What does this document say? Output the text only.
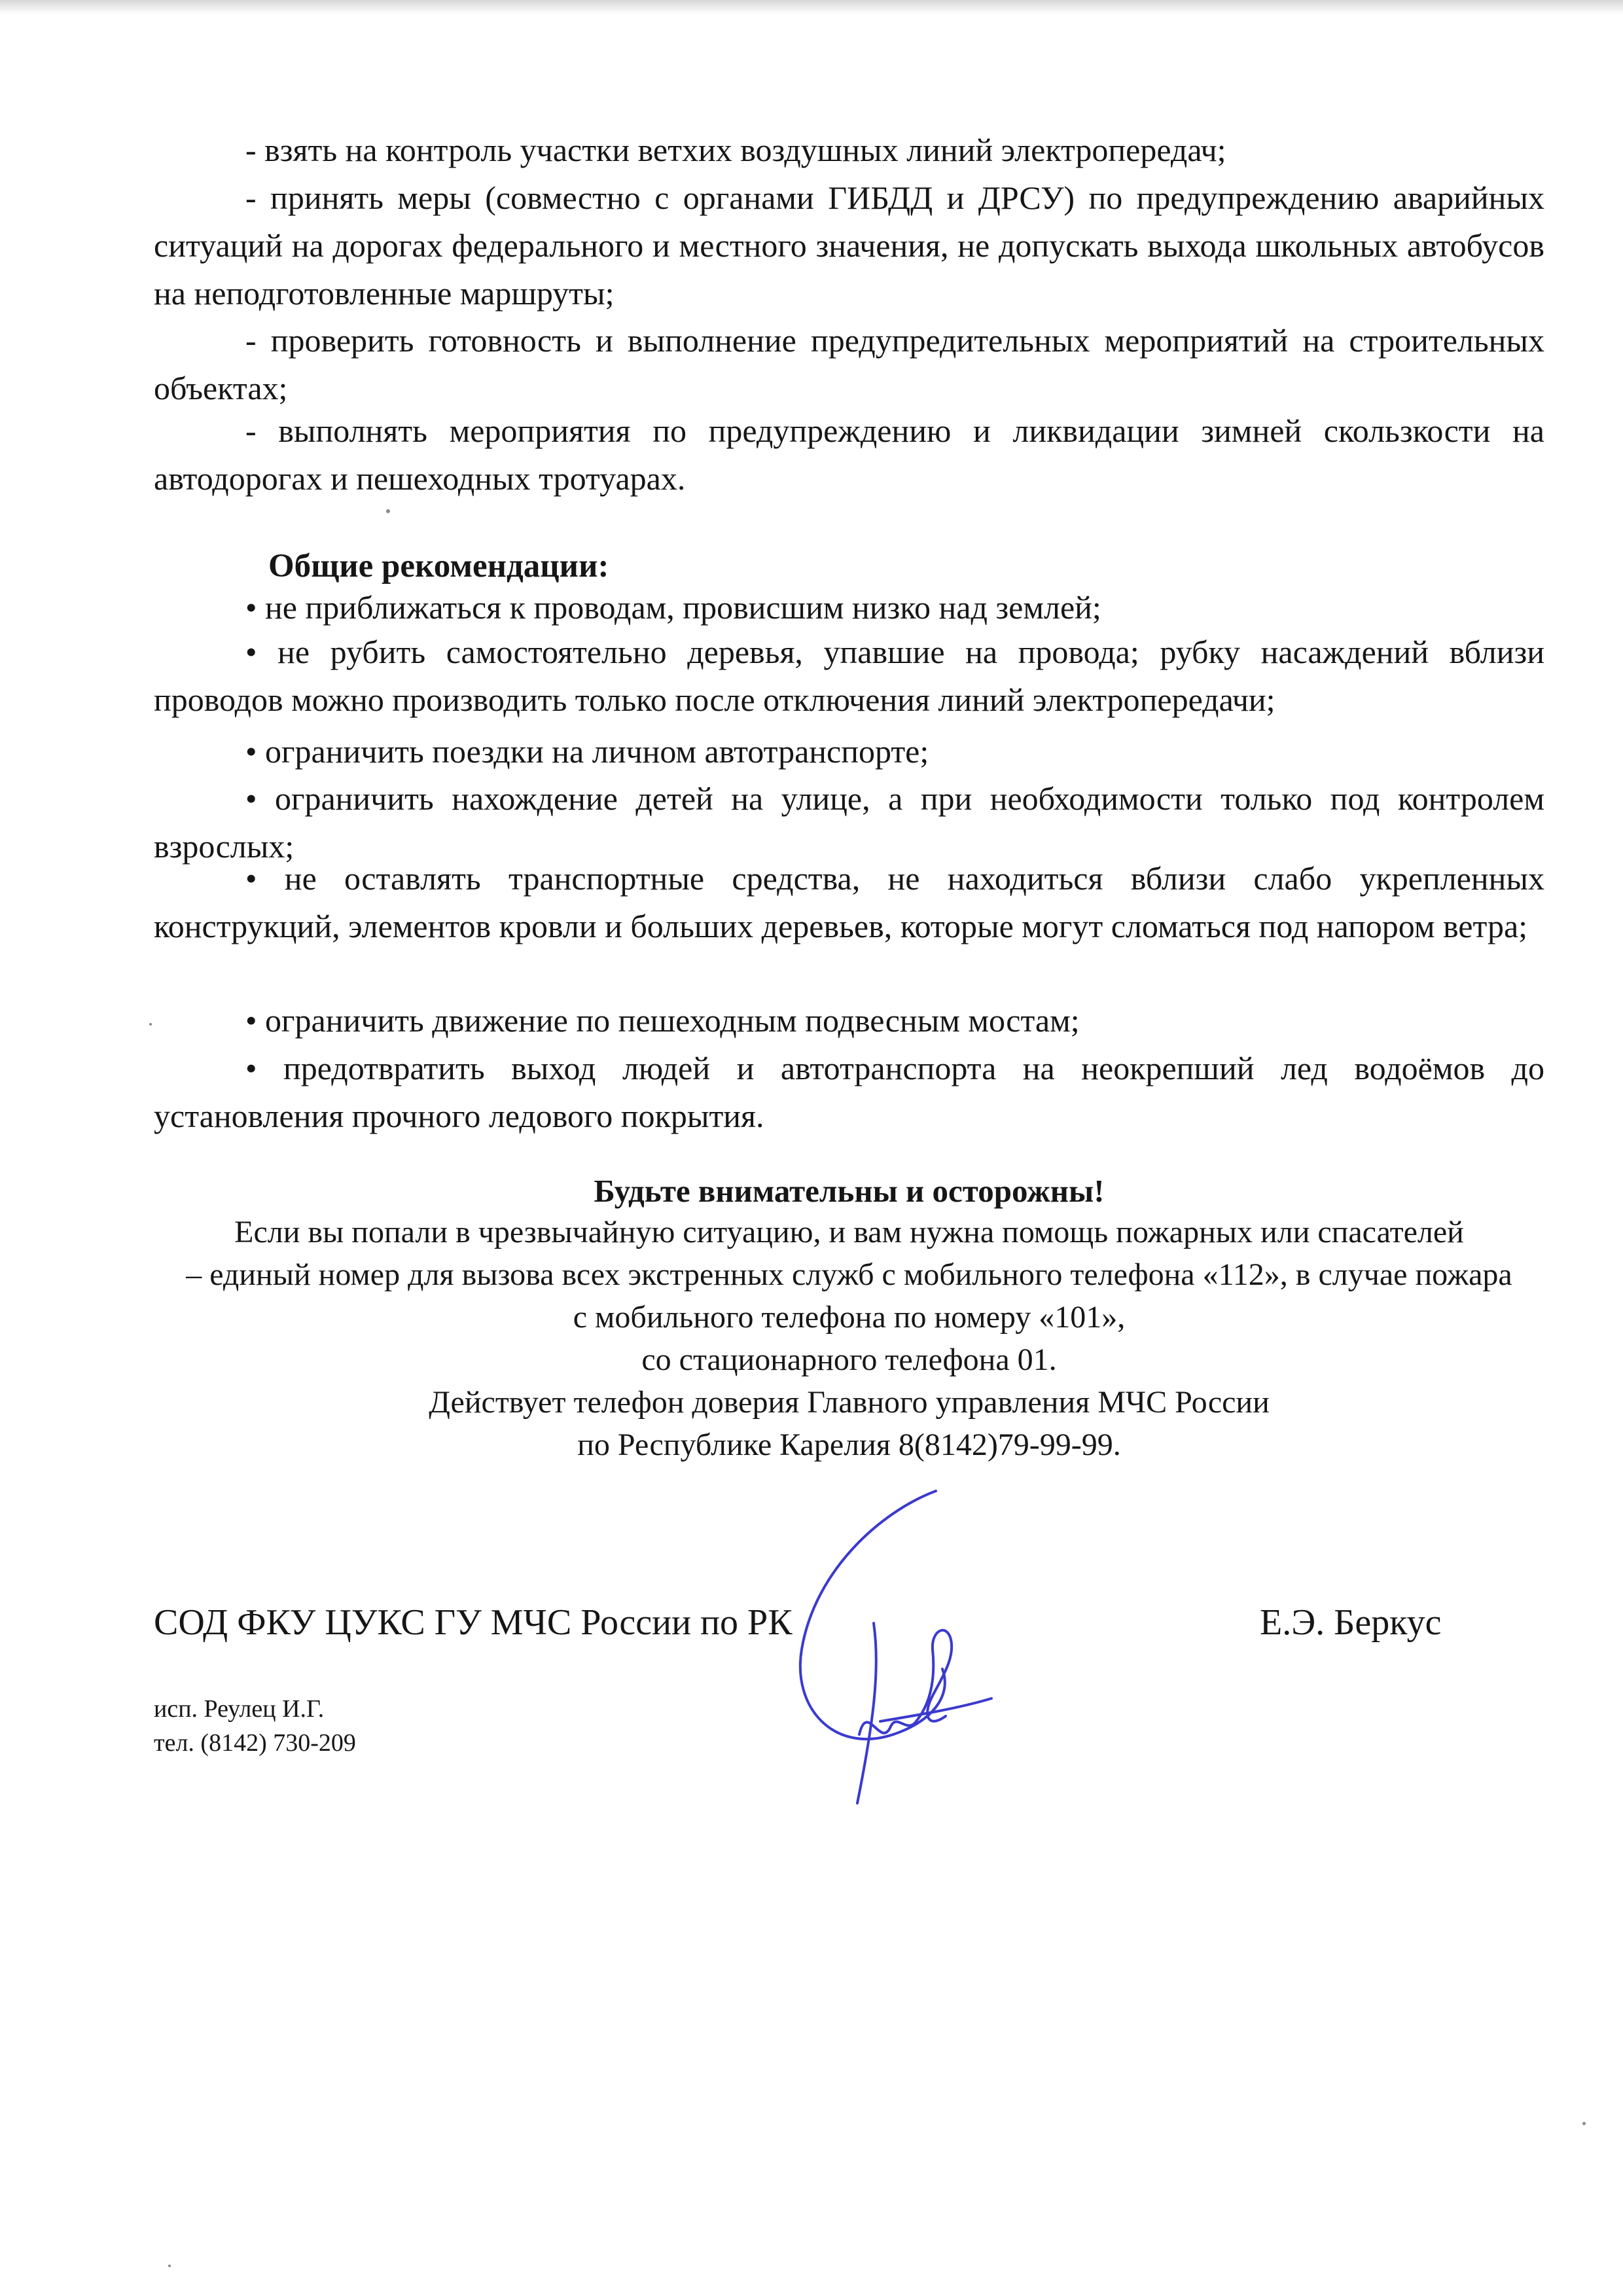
- взять на контроль участки ветхих воздушных линий электропередач;

- принять меры (совместно с органами ГИБДД и ДРСУ) по предупреждению аварийных ситуаций на дорогах федерального и местного значения, не допускать выхода школьных автобусов на неподготовленные маршруты;

- проверить готовность и выполнение предупредительных мероприятий на строительных объектах;

- выполнять мероприятия по предупреждению и ликвидации зимней скользкости на автодорогах и пешеходных тротуарах.

Общие рекомендации:

• не приближаться к проводам, провисшим низко над землей;

• не рубить самостоятельно деревья, упавшие на провода; рубку насаждений вблизи проводов можно производить только после отключения линий электропередачи;

• ограничить поездки на личном автотранспорте;

• ограничить нахождение детей на улице, а при необходимости только под контролем взрослых;

• не оставлять транспортные средства, не находиться вблизи слабо укрепленных конструкций, элементов кровли и больших деревьев, которые могут сломаться под напором ветра;

• ограничить движение по пешеходным подвесным мостам;

• предотвратить выход людей и автотранспорта на неокрепший лед водоёмов до установления прочного ледового покрытия.

Будьте внимательны и осторожны!

Если вы попали в чрезвычайную ситуацию, и вам нужна помощь пожарных или спасателей

– единый номер для вызова всех экстренных служб с мобильного телефона «112», в случае пожара

с мобильного телефона по номеру «101»,

со стационарного телефона 01.

Действует телефон доверия Главного управления МЧС России

по Республике Карелия 8(8142)79-99-99.

СОД ФКУ ЦУКС ГУ МЧС России по РК	Е.Э. Беркус

исп. Реулец И.Г.

тел. (8142) 730-209
